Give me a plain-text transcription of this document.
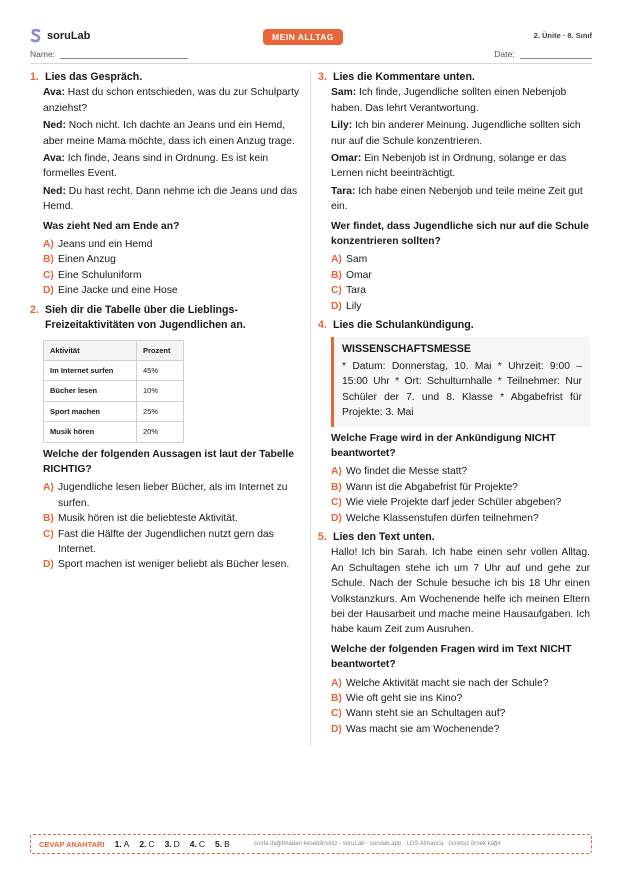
soruLab	MEIN ALLTAG	2. Ünite · 8. Sınıf
Name:	Date:
1. Lies das Gespräch.

Ava: Hast du schon entschieden, was du zur Schulparty anziehst?

Ned: Noch nicht. Ich dachte an Jeans und ein Hemd, aber meine Mama möchte, dass ich einen Anzug trage.

Ava: Ich finde, Jeans sind in Ordnung. Es ist kein formelles Event.

Ned: Du hast recht. Dann nehme ich die Jeans und das Hemd.

Was zieht Ned am Ende an?
A) Jeans und ein Hemd
B) Einen Anzug
C) Eine Schuluniform
D) Eine Jacke und eine Hose
2. Sieh dir die Tabelle über die Lieblings-Freizeitaktivitäten von Jugendlichen an.
Aktivität	Prozent
Im Internet surfen	45%
Bücher lesen	10%
Sport machen	25%
Musik hören	20%
Welche der folgenden Aussagen ist laut der Tabelle RICHTIG?
A) Jugendliche lesen lieber Bücher, als im Internet zu surfen.
B) Musik hören ist die beliebteste Aktivität.
C) Fast die Hälfte der Jugendlichen nutzt gern das Internet.
D) Sport machen ist weniger beliebt als Bücher lesen.
3. Lies die Kommentare unten.

Sam: Ich finde, Jugendliche sollten einen Nebenjob haben. Das lehrt Verantwortung.

Lily: Ich bin anderer Meinung. Jugendliche sollten sich nur auf die Schule konzentrieren.

Omar: Ein Nebenjob ist in Ordnung, solange er das Lernen nicht beeinträchtigt.

Tara: Ich habe einen Nebenjob und teile meine Zeit gut ein.

Wer findet, dass Jugendliche sich nur auf die Schule konzentrieren sollten?
A) Sam
B) Omar
C) Tara
D) Lily
4. Lies die Schulankündigung.
WISSENSCHAFTSMESSE
* Datum: Donnerstag, 10. Mai * Uhrzeit: 9:00 – 15:00 Uhr * Ort: Schulturnhalle * Teilnehmer: Nur Schüler der 7. und 8. Klasse * Abgabefrist für Projekte: 3. Mai
Welche Frage wird in der Ankündigung NICHT beantwortet?
A) Wo findet die Messe statt?
B) Wann ist die Abgabefrist für Projekte?
C) Wie viele Projekte darf jeder Schüler abgeben?
D) Welche Klassenstufen dürfen teilnehmen?
5. Lies den Text unten.

Hallo! Ich bin Sarah. Ich habe einen sehr vollen Alltag. An Schultagen stehe ich um 7 Uhr auf und gehe zur Schule. Nach der Schule besuche ich bis 18 Uhr einen Volkstanzkurs. Am Wochenende helfe ich meinen Eltern bei der Hausarbeit und mache meine Hausaufgaben. Ich habe kaum Zeit zum Ausruhen.

Welche der folgenden Fragen wird im Text NICHT beantwortet?
A) Welche Aktivität macht sie nach der Schule?
B) Wie oft geht sie ins Kino?
C) Wann steht sie an Schultagen auf?
D) Was macht sie am Wochenende?
CEVAP ANAHTARI 1. A 2. C 3. D 4. C 5. B	sınıfa dağıtmadan kesebilirsiniz · soruLab · sorulab.app · LGS Almanca · ücretsiz örnek kâğıt
